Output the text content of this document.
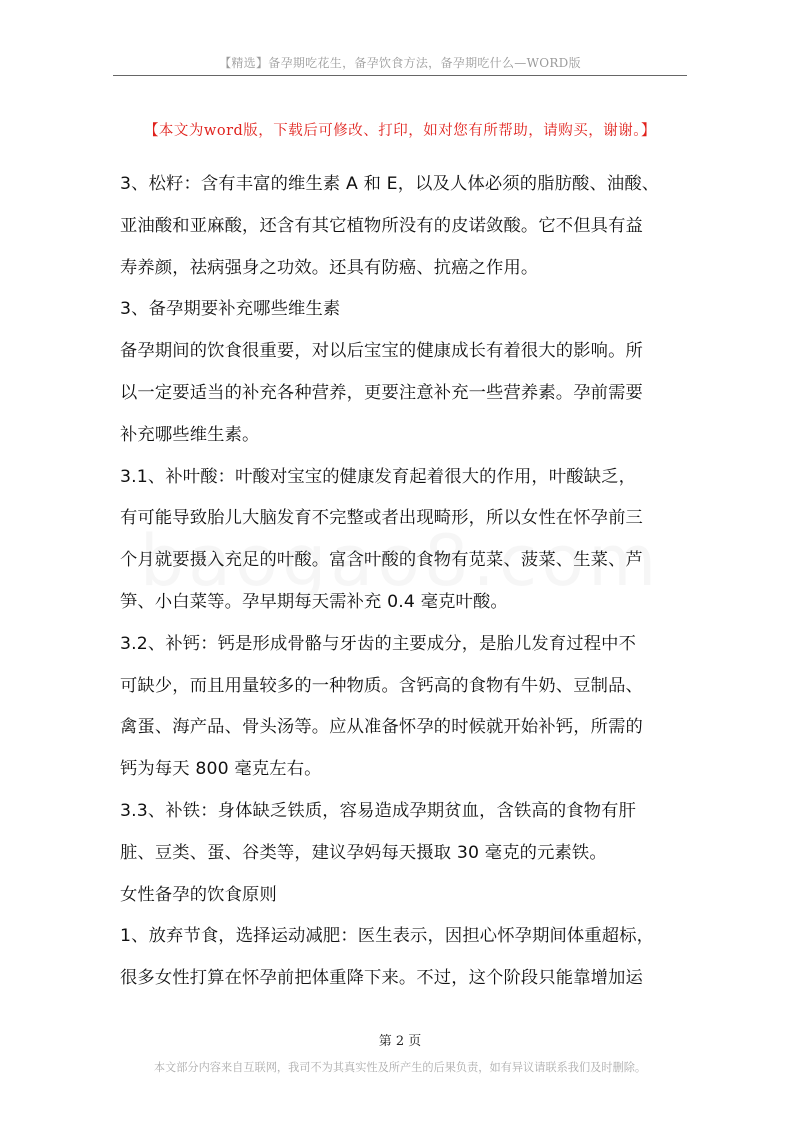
【精选】备孕期吃花生，备孕饮食方法，备孕期吃什么—WORD版
【本文为word版，下载后可修改、打印，如对您有所帮助，请购买，谢谢。】

3、松籽：含有丰富的维生素 A 和 E，以及人体必须的脂肪酸、油酸、
亚油酸和亚麻酸，还含有其它植物所没有的皮诺敛酸。它不但具有益
寿养颜，祛病强身之功效。还具有防癌、抗癌之作用。

3、备孕期要补充哪些维生素

备孕期间的饮食很重要，对以后宝宝的健康成长有着很大的影响。所
以一定要适当的补充各种营养，更要注意补充一些营养素。孕前需要
补充哪些维生素。

3.1、补叶酸：叶酸对宝宝的健康发育起着很大的作用，叶酸缺乏，
有可能导致胎儿大脑发育不完整或者出现畸形，所以女性在怀孕前三
个月就要摄入充足的叶酸。富含叶酸的食物有苋菜、菠菜、生菜、芦
笋、小白菜等。孕早期每天需补充 0.4 毫克叶酸。

3.2、补钙：钙是形成骨骼与牙齿的主要成分，是胎儿发育过程中不
可缺少，而且用量较多的一种物质。含钙高的食物有牛奶、豆制品、
禽蛋、海产品、骨头汤等。应从准备怀孕的时候就开始补钙，所需的
钙为每天 800 毫克左右。

3.3、补铁：身体缺乏铁质，容易造成孕期贫血，含铁高的食物有肝
脏、豆类、蛋、谷类等，建议孕妈每天摄取 30 毫克的元素铁。

女性备孕的饮食原则

1、放弃节食，选择运动减肥：医生表示，因担心怀孕期间体重超标，
很多女性打算在怀孕前把体重降下来。不过，这个阶段只能靠增加运

第 2 页
本文部分内容来自互联网，我司不为其真实性及所产生的后果负责，如有异议请联系我们及时删除。
